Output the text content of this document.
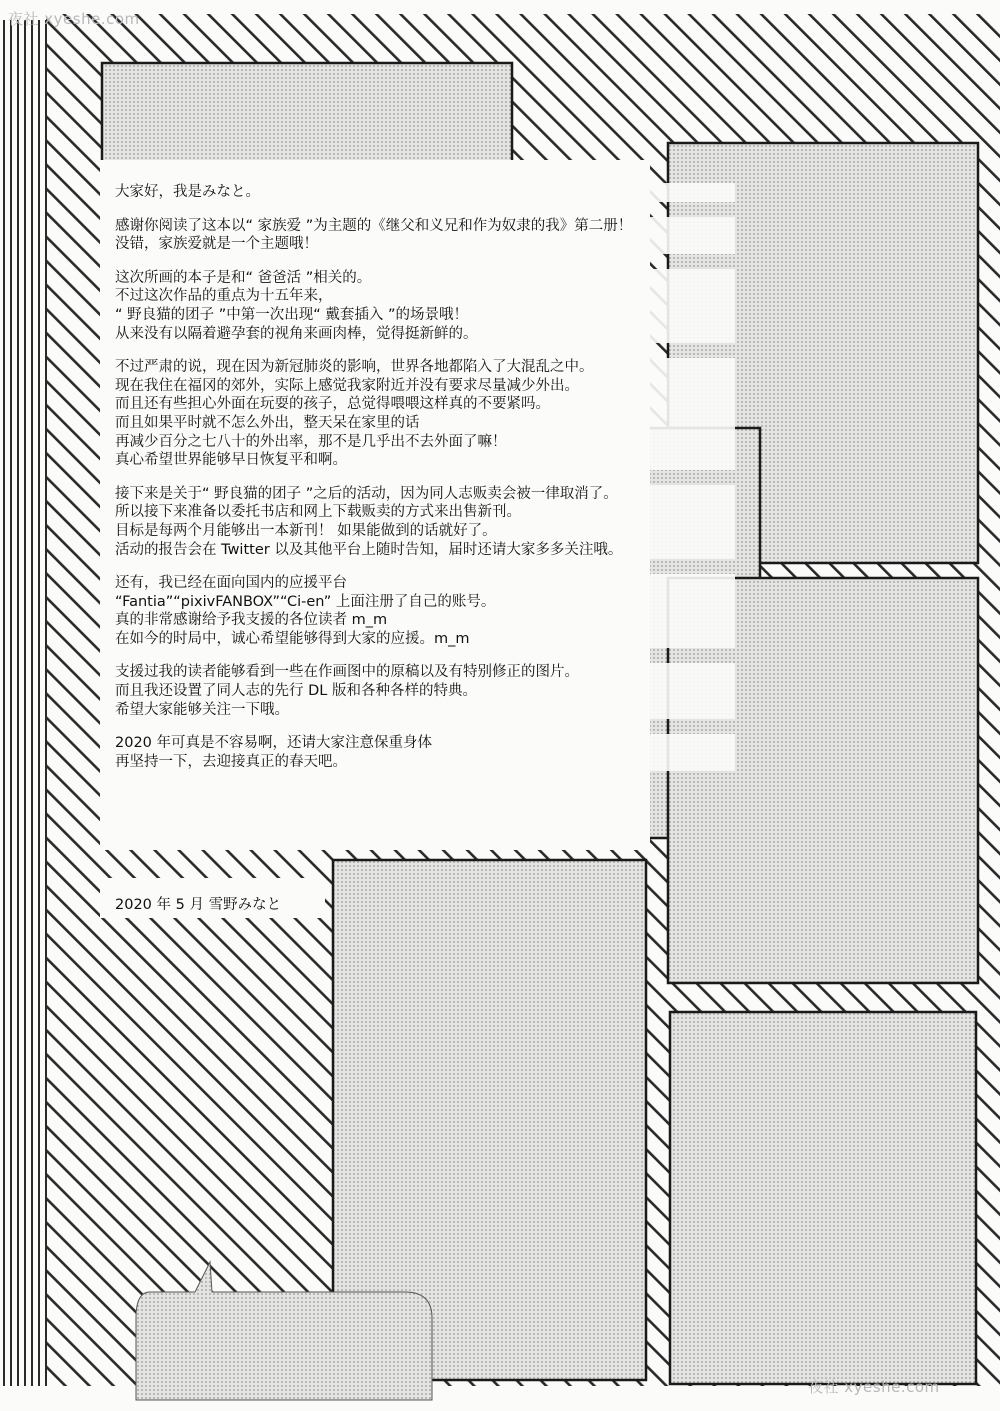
夜社 xyeshe.com
夜社 xyeshe.com
大家好，我是みなと。
感谢你阅读了这本以“ 家族爱 ”为主题的《继父和义兄和作为奴隶的我》第二册！
没错，家族爱就是一个主题哦！
这次所画的本子是和“ 爸爸活 ”相关的。
不过这次作品的重点为十五年来，
“ 野良猫的团子 ”中第一次出现“ 戴套插入 ”的场景哦！
从来没有以隔着避孕套的视角来画肉棒，觉得挺新鲜的。
不过严肃的说，现在因为新冠肺炎的影响，世界各地都陷入了大混乱之中。
现在我住在福冈的郊外，实际上感觉我家附近并没有要求尽量减少外出。
而且还有些担心外面在玩耍的孩子，总觉得喂喂这样真的不要紧吗。
而且如果平时就不怎么外出，整天呆在家里的话
再减少百分之七八十的外出率，那不是几乎出不去外面了嘛！
真心希望世界能够早日恢复平和啊。
接下来是关于“ 野良猫的团子 ”之后的活动，因为同人志贩卖会被一律取消了。
所以接下来准备以委托书店和网上下载贩卖的方式来出售新刊。
目标是每两个月能够出一本新刊！ 如果能做到的话就好了。
活动的报告会在 Twitter 以及其他平台上随时告知，届时还请大家多多关注哦。
还有，我已经在面向国内的应援平台
“Fantia”“pixivFANBOX”“Ci-en” 上面注册了自己的账号。
真的非常感谢给予我支援的各位读者 m_m
在如今的时局中，诚心希望能够得到大家的应援。m_m
支援过我的读者能够看到一些在作画图中的原稿以及有特别修正的图片。
而且我还设置了同人志的先行 DL 版和各种各样的特典。
希望大家能够关注一下哦。
2020 年可真是不容易啊，还请大家注意保重身体
再坚持一下，去迎接真正的春天吧。
2020 年 5 月 雪野みなと
